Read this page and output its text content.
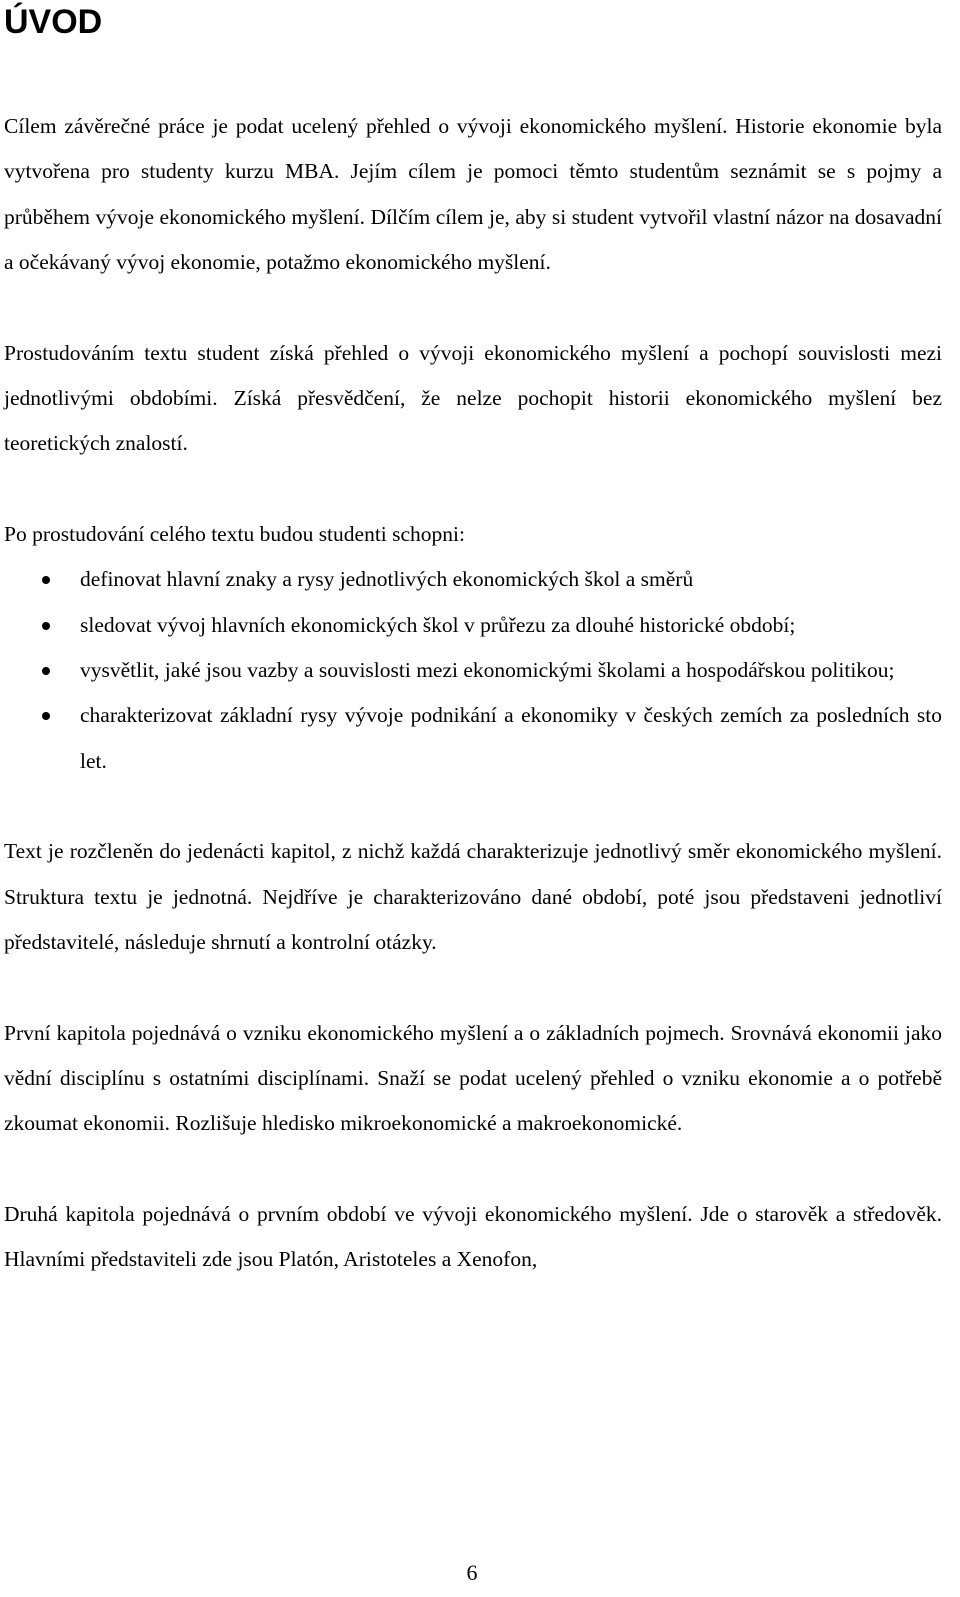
ÚVOD

Cílem závěrečné práce je podat ucelený přehled o vývoji ekonomického myšlení. Historie ekonomie byla vytvořena pro studenty kurzu MBA. Jejím cílem je pomoci těmto studentům seznámit se s pojmy a průběhem vývoje ekonomického myšlení. Dílčím cílem je, aby si student vytvořil vlastní názor na dosavadní a očekávaný vývoj ekonomie, potažmo ekonomického myšlení.

Prostudováním textu student získá přehled o vývoji ekonomického myšlení a pochopí souvislosti mezi jednotlivými obdobími. Získá přesvědčení, že nelze pochopit historii ekonomického myšlení bez teoretických znalostí.

Po prostudování celého textu budou studenti schopni:

definovat hlavní znaky a rysy jednotlivých ekonomických škol a směrů
sledovat vývoj hlavních ekonomických škol v průřezu za dlouhé historické období;
vysvětlit, jaké jsou vazby a souvislosti mezi ekonomickými školami a hospodářskou politikou;
charakterizovat základní rysy vývoje podnikání a ekonomiky v českých zemích za posledních sto let.

Text je rozčleněn do jedenácti kapitol, z nichž každá charakterizuje jednotlivý směr ekonomického myšlení. Struktura textu je jednotná. Nejdříve je charakterizováno dané období, poté jsou představeni jednotliví představitelé, následuje shrnutí a kontrolní otázky.

První kapitola pojednává o vzniku ekonomického myšlení a o základních pojmech. Srovnává ekonomii jako vědní disciplínu s ostatními disciplínami. Snaží se podat ucelený přehled o vzniku ekonomie a o potřebě zkoumat ekonomii. Rozlišuje hledisko mikroekonomické a makroekonomické.

Druhá kapitola pojednává o prvním období ve vývoji ekonomického myšlení. Jde o starověk a středověk. Hlavními představiteli zde jsou Platón, Aristoteles a Xenofon,

6
